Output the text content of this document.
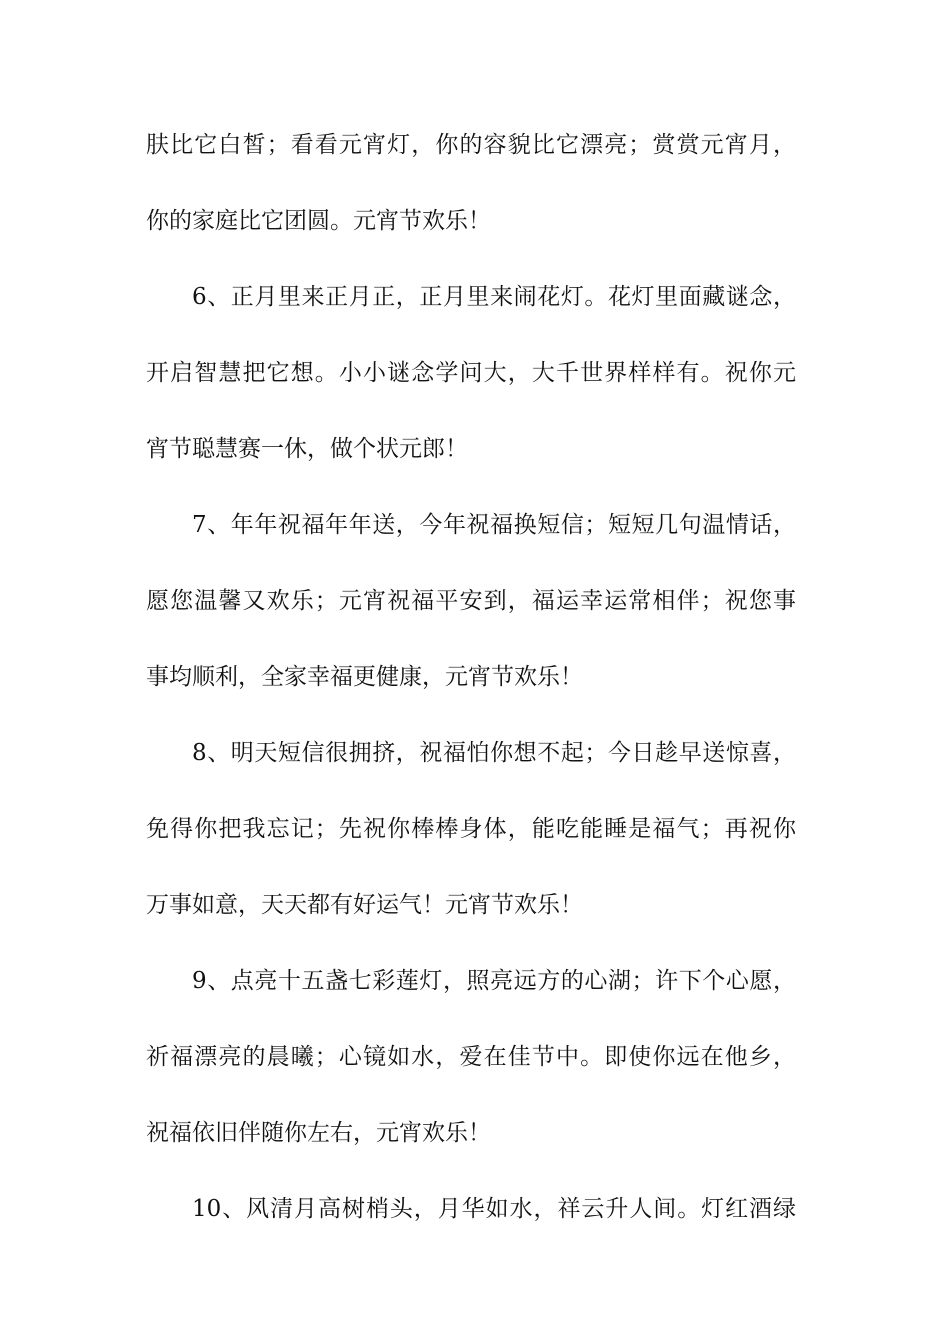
肤比它白皙；看看元宵灯，你的容貌比它漂亮；赏赏元宵月，
你的家庭比它团圆。元宵节欢乐！
6、正月里来正月正，正月里来闹花灯。花灯里面藏谜念，
开启智慧把它想。小小谜念学问大，大千世界样样有。祝你元
宵节聪慧赛一休，做个状元郎！
7、年年祝福年年送，今年祝福换短信；短短几句温情话，
愿您温馨又欢乐；元宵祝福平安到，福运幸运常相伴；祝您事
事均顺利，全家幸福更健康，元宵节欢乐！
8、明天短信很拥挤，祝福怕你想不起；今日趁早送惊喜，
免得你把我忘记；先祝你棒棒身体，能吃能睡是福气；再祝你
万事如意，天天都有好运气！元宵节欢乐！
9、点亮十五盏七彩莲灯，照亮远方的心湖；许下个心愿，
祈福漂亮的晨曦；心镜如水，爱在佳节中。即使你远在他乡，
祝福依旧伴随你左右，元宵欢乐！
10、风清月高树梢头，月华如水，祥云升人间。灯红酒绿
